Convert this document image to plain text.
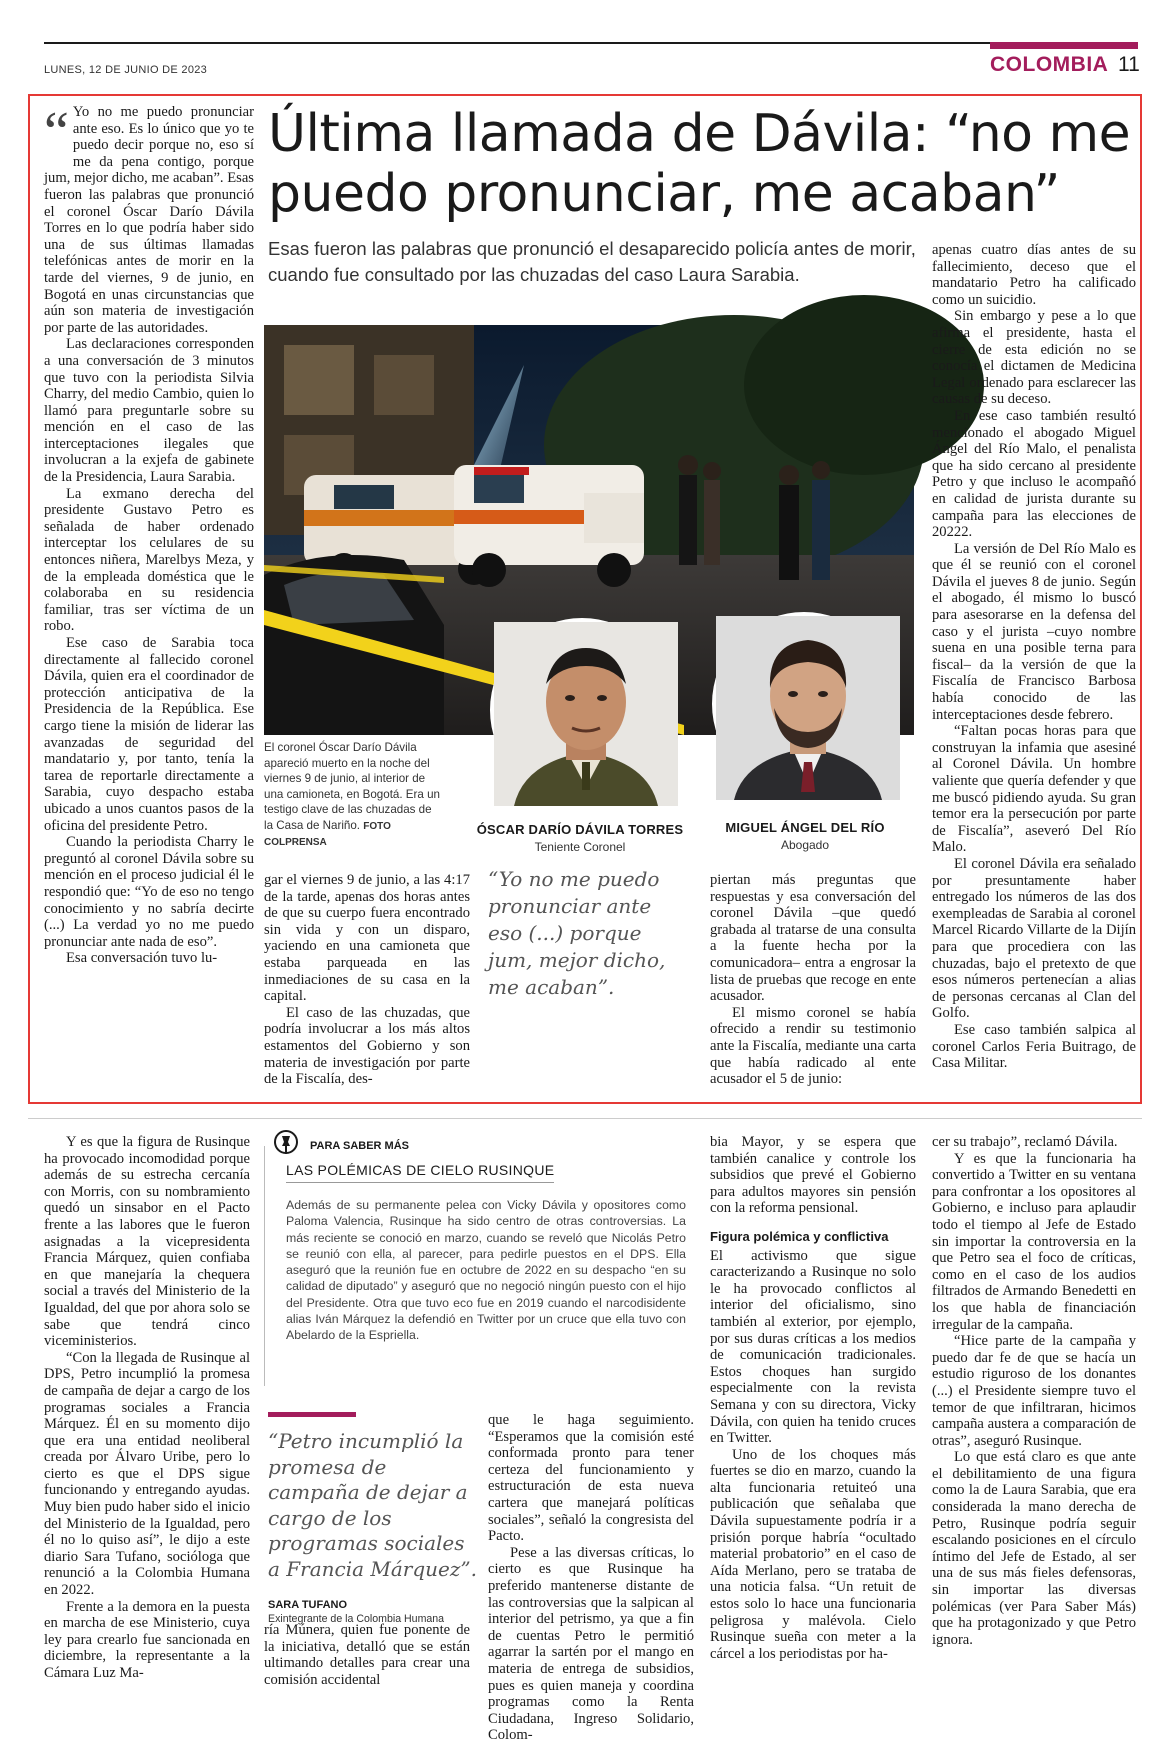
LUNES, 12 DE JUNIO DE 2023	COLOMBIA 11
“ Yo no me puedo pronunciar ante eso. Es lo único que yo te puedo decir porque no, eso sí me da pena contigo, porque jum, mejor dicho, me acaban”. Esas fueron las palabras que pronunció el coronel Óscar Darío Dávila Torres en lo que podría haber sido una de sus últimas llamadas telefónicas antes de morir en la tarde del viernes, 9 de junio, en Bogotá en unas circunstancias que aún son materia de investigación por parte de las autoridades.

Las declaraciones corresponden a una conversación de 3 minutos que tuvo con la periodista Silvia Charry, del medio Cambio, quien lo llamó para preguntarle sobre su mención en el caso de las interceptaciones ilegales que involucran a la exjefa de gabinete de la Presidencia, Laura Sarabia.

La exmano derecha del presidente Gustavo Petro es señalada de haber ordenado interceptar los celulares de su entonces niñera, Marelbys Meza, y de la empleada doméstica que le colaboraba en su residencia familiar, tras ser víctima de un robo.

Ese caso de Sarabia toca directamente al fallecido coronel Dávila, quien era el coordinador de protección anticipativa de la Presidencia de la República. Ese cargo tiene la misión de liderar las avanzadas de seguridad del mandatario y, por tanto, tenía la tarea de reportarle directamente a Sarabia, cuyo despacho estaba ubicado a unos cuantos pasos de la oficina del presidente Petro.

Cuando la periodista Charry le preguntó al coronel Dávila sobre su mención en el proceso judicial él le respondió que: “Yo de eso no tengo conocimiento y no sabría decirte (...) La verdad yo no me puedo pronunciar ante nada de eso”.

Esa conversación tuvo lu-

Última llamada de Dávila: “no me puedo pronunciar, me acaban”
Esas fueron las palabras que pronunció el desaparecido policía antes de morir, cuando fue consultado por las chuzadas del caso Laura Sarabia.
El coronel Óscar Darío Dávila apareció muerto en la noche del viernes 9 de junio, al interior de una camioneta, en Bogotá. Era un testigo clave de las chuzadas de la Casa de Nariño. FOTO COLPRENSA
ÓSCAR DARÍO DÁVILA TORRES
Teniente Coronel
MIGUEL ÁNGEL DEL RÍO
Abogado

gar el viernes 9 de junio, a las 4:17 de la tarde, apenas dos horas antes de que su cuerpo fuera encontrado sin vida y con un disparo, yaciendo en una camioneta que estaba parqueada en las inmediaciones de su casa en la capital.

El caso de las chuzadas, que podría involucrar a los más altos estamentos del Gobierno y son materia de investigación por parte de la Fiscalía, des-

“Yo no me puedo pronunciar ante eso (...) porque jum, mejor dicho, me acaban”.

piertan más preguntas que respuestas y esa conversación del coronel Dávila –que quedó grabada al tratarse de una consulta a la fuente hecha por la comunicadora– entra a engrosar la lista de pruebas que recoge en ente acusador.

El mismo coronel se había ofrecido a rendir su testimonio ante la Fiscalía, mediante una carta que había radicado al ente acusador el 5 de junio:

apenas cuatro días antes de su fallecimiento, deceso que el mandatario Petro ha calificado como un suicidio.

Sin embargo y pese a lo que afirma el presidente, hasta el cierre de esta edición no se conocía el dictamen de Medicina Legal ordenado para esclarecer las causas de su deceso.

En ese caso también resultó mencionado el abogado Miguel Ángel del Río Malo, el penalista que ha sido cercano al presidente Petro y que incluso le acompañó en calidad de jurista durante su campaña para las elecciones de 20222.

La versión de Del Río Malo es que él se reunió con el coronel Dávila el jueves 8 de junio. Según el abogado, él mismo lo buscó para asesorarse en la defensa del caso y el jurista –cuyo nombre suena en una posible terna para fiscal– da la versión de que la Fiscalía de Francisco Barbosa había conocido de las interceptaciones desde febrero.

“Faltan pocas horas para que construyan la infamia que asesiné al Coronel Dávila. Un hombre valiente que quería defender y que me buscó pidiendo ayuda. Su gran temor era la persecución por parte de Fiscalía”, aseveró Del Río Malo.

El coronel Dávila era señalado por presuntamente haber entregado los números de las dos exempleadas de Sarabia al coronel Marcel Ricardo Villarte de la Dijín para que procediera con las chuzadas, bajo el pretexto de que esos números pertenecían a alias de personas cercanas al Clan del Golfo.

Ese caso también salpica al coronel Carlos Feria Buitrago, de Casa Militar.

Y es que la figura de Rusinque ha provocado incomodidad porque además de su estrecha cercanía con Morris, con su nombramiento quedó un sinsabor en el Pacto frente a las labores que le fueron asignadas a la vicepresidenta Francia Márquez, quien confiaba en que manejaría la chequera social a través del Ministerio de la Igualdad, del que por ahora solo se sabe que tendrá cinco viceministerios.

“Con la llegada de Rusinque al DPS, Petro incumplió la promesa de campaña de dejar a cargo de los programas sociales a Francia Márquez. Él en su momento dijo que era una entidad neoliberal creada por Álvaro Uribe, pero lo cierto es que el DPS sigue funcionando y entregando ayudas. Muy bien pudo haber sido el inicio del Ministerio de la Igualdad, pero él no lo quiso así”, le dijo a este diario Sara Tufano, socióloga que renunció a la Colombia Humana en 2022.

Frente a la demora en la puesta en marcha de ese Ministerio, cuya ley para crearlo fue sancionada en diciembre, la representante a la Cámara Luz Ma-

PARA SABER MÁS
LAS POLÉMICAS DE CIELO RUSINQUE
Además de su permanente pelea con Vicky Dávila y opositores como Paloma Valencia, Rusinque ha sido centro de otras controversias. La más reciente se conoció en marzo, cuando se reveló que Nicolás Petro se reunió con ella, al parecer, para pedirle puestos en el DPS. Ella aseguró que la reunión fue en octubre de 2022 en su despacho “en su calidad de diputado” y aseguró que no negoció ningún puesto con el hijo del Presidente. Otra que tuvo eco fue en 2019 cuando el narcodisidente alias Iván Márquez la defendió en Twitter por un cruce que ella tuvo con Abelardo de la Espriella.
“Petro incumplió la promesa de campaña de dejar a cargo de los programas sociales a Francia Márquez”.
SARA TUFANO
Exintegrante de la Colombia Humana

ría Múnera, quien fue ponente de la iniciativa, detalló que se están ultimando detalles para crear una comisión accidental

que le haga seguimiento. “Esperamos que la comisión esté conformada pronto para tener certeza del funcionamiento y estructuración de esta nueva cartera que manejará políticas sociales”, señaló la congresista del Pacto.

Pese a las diversas críticas, lo cierto es que Rusinque ha preferido mantenerse distante de las controversias que la salpican al interior del petrismo, ya que a fin de cuentas Petro le permitió agarrar la sartén por el mango en materia de entrega de subsidios, pues es quien maneja y coordina programas como la Renta Ciudadana, Ingreso Solidario, Colom-

bia Mayor, y se espera que también canalice y controle los subsidios que prevé el Gobierno para adultos mayores sin pensión con la reforma pensional.

Figura polémica y conflictiva

El activismo que sigue caracterizando a Rusinque no solo le ha provocado conflictos al interior del oficialismo, sino también al exterior, por ejemplo, por sus duras críticas a los medios de comunicación tradicionales. Estos choques han surgido especialmente con la revista Semana y con su directora, Vicky Dávila, con quien ha tenido cruces en Twitter.

Uno de los choques más fuertes se dio en marzo, cuando la alta funcionaria retuiteó una publicación que señalaba que Dávila supuestamente podría ir a prisión porque habría “ocultado material probatorio” en el caso de Aída Merlano, pero se trataba de una noticia falsa. “Un retuit de estos solo lo hace una funcionaria peligrosa y malévola. Cielo Rusinque sueña con meter a la cárcel a los periodistas por ha-

cer su trabajo”, reclamó Dávila.

Y es que la funcionaria ha convertido a Twitter en su ventana para confrontar a los opositores al Gobierno, e incluso para aplaudir todo el tiempo al Jefe de Estado sin importar la controversia en la que Petro sea el foco de críticas, como en el caso de los audios filtrados de Armando Benedetti en los que habla de financiación irregular de la campaña.

“Hice parte de la campaña y puedo dar fe de que se hacía un estudio riguroso de los donantes (...) el Presidente siempre tuvo el temor de que infiltraran, hicimos campaña austera a comparación de otras”, aseguró Rusinque.

Lo que está claro es que ante el debilitamiento de una figura como la de Laura Sarabia, que era considerada la mano derecha de Petro, Rusinque podría seguir escalando posiciones en el círculo íntimo del Jefe de Estado, al ser una de sus más fieles defensoras, sin importar las diversas polémicas (ver Para Saber Más) que ha protagonizado y que Petro ignora.
